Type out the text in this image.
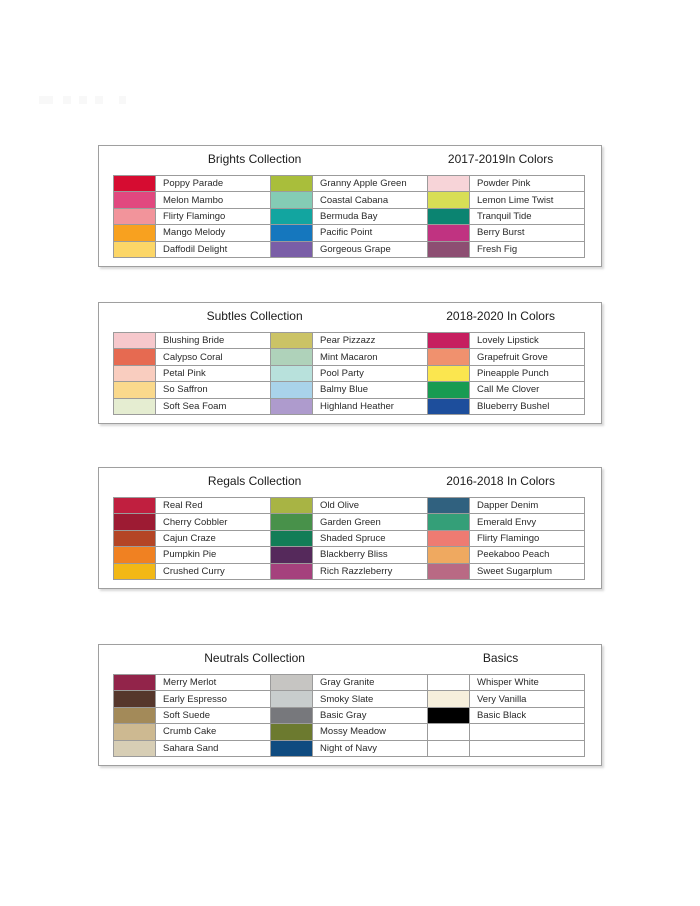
Brights Collection	2017-2019In Colors
	Poppy Parade		Granny Apple Green		Powder Pink
	Melon Mambo		Coastal Cabana		Lemon Lime Twist
	Flirty Flamingo		Bermuda Bay		Tranquil Tide
	Mango Melody		Pacific Point		Berry Burst
	Daffodil Delight		Gorgeous Grape		Fresh Fig
Subtles Collection	2018-2020 In Colors
	Blushing Bride		Pear Pizzazz		Lovely Lipstick
	Calypso Coral		Mint Macaron		Grapefruit Grove
	Petal Pink		Pool Party		Pineapple Punch
	So Saffron		Balmy Blue		Call Me Clover
	Soft Sea Foam		Highland Heather		Blueberry Bushel
Regals Collection	2016-2018 In Colors
	Real Red		Old Olive		Dapper Denim
	Cherry Cobbler		Garden Green		Emerald Envy
	Cajun Craze		Shaded Spruce		Flirty Flamingo
	Pumpkin Pie		Blackberry Bliss		Peekaboo Peach
	Crushed Curry		Rich Razzleberry		Sweet Sugarplum
Neutrals Collection	Basics
	Merry Merlot		Gray Granite		Whisper White
	Early Espresso		Smoky Slate		Very Vanilla
	Soft Suede		Basic Gray		Basic Black
	Crumb Cake		Mossy Meadow		
	Sahara Sand		Night of Navy		
